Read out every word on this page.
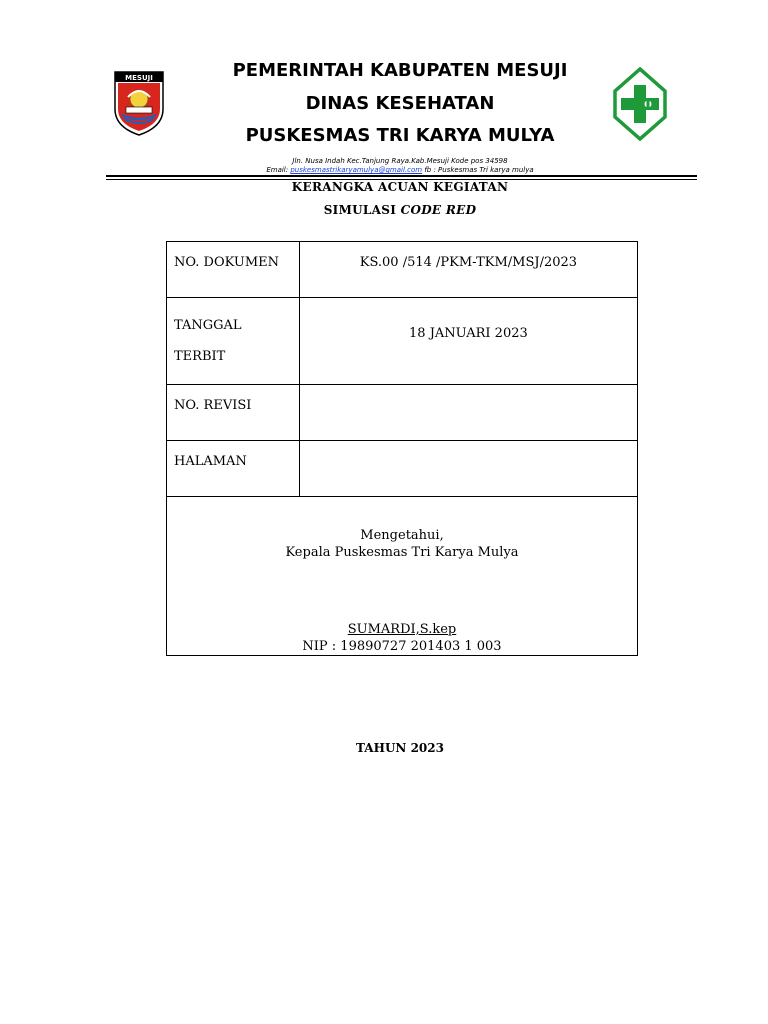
MESUJI	PEMERINTAH KABUPATEN MESUJI
DINAS KESEHATAN
PUSKESMAS TRI KARYA MULYA
Jln. Nusa Indah Kec.Tanjung Raya.Kab.Mesuji Kode pos 34598
Email: puskesmastrikaryamulya@gmail.com fb : Puskesmas Tri karya mulya
KERANGKA ACUAN KEGIATAN
SIMULASI CODE RED
NO. DOKUMEN	KS.00 /514 /PKM-TKM/MSJ/2023

TANGGAL
TERBIT	18 JANUARI 2023
NO. REVISI	
HALAMAN	

Mengetahui,
Kepala Puskesmas Tri Karya Mulya
SUMARDI,S.kep
NIP : 19890727 201403 1 003	
TAHUN 2023
